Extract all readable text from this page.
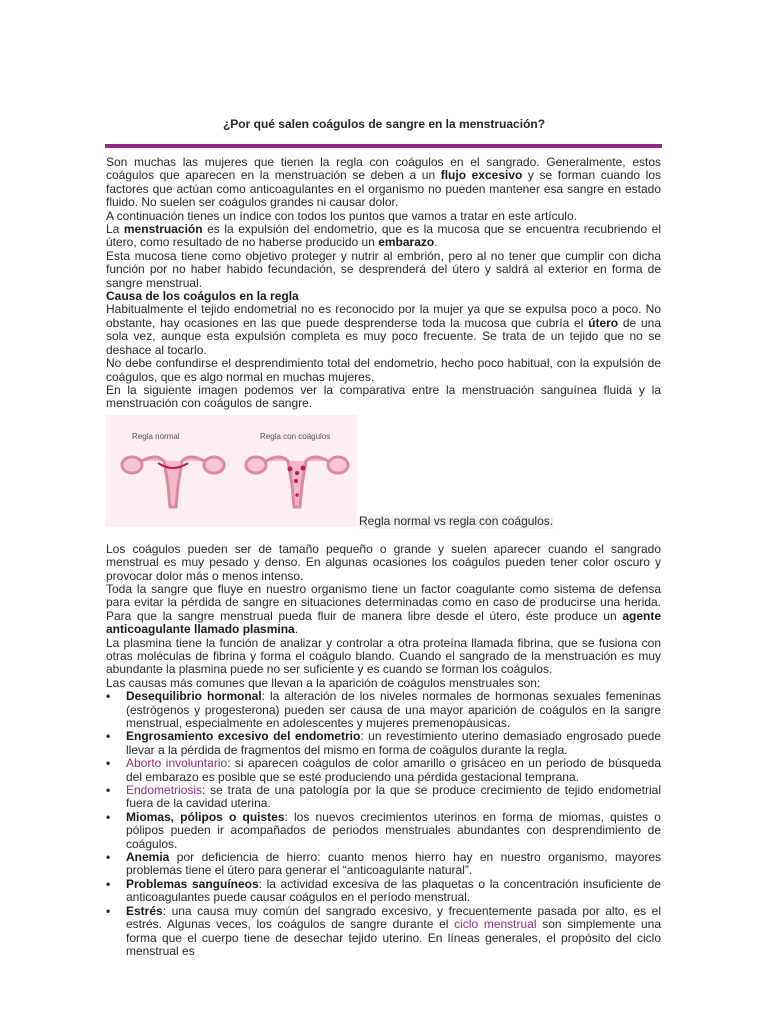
¿Por qué salen coágulos de sangre en la menstruación?

Son muchas las mujeres que tienen la regla con coágulos en el sangrado. Generalmente, estos coágulos que aparecen en la menstruación se deben a un flujo excesivo y se forman cuando los factores que actúan como anticoagulantes en el organismo no pueden mantener esa sangre en estado fluido. No suelen ser coágulos grandes ni causar dolor.

A continuación tienes un índice con todos los puntos que vamos a tratar en este artículo.

La menstruación es la expulsión del endometrio, que es la mucosa que se encuentra recubriendo el útero, como resultado de no haberse producido un embarazo.

Esta mucosa tiene como objetivo proteger y nutrir al embrión, pero al no tener que cumplir con dicha función por no haber habido fecundación, se desprenderá del útero y saldrá al exterior en forma de sangre menstrual.

Causa de los coágulos en la regla

Habitualmente el tejido endometrial no es reconocido por la mujer ya que se expulsa poco a poco. No obstante, hay ocasiones en las que puede desprenderse toda la mucosa que cubría el útero de una sola vez, aunque esta expulsión completa es muy poco frecuente. Se trata de un tejido que no se deshace al tocarlo.

No debe confundirse el desprendimiento total del endometrio, hecho poco habitual, con la expulsión de coágulos, que es algo normal en muchas mujeres.

En la siguiente imagen podemos ver la comparativa entre la menstruación sanguínea fluida y la menstruación con coágulos de sangre.

Regla normal	Regla con coágulos
Regla normal vs regla con coágulos.

Los coágulos pueden ser de tamaño pequeño o grande y suelen aparecer cuando el sangrado menstrual es muy pesado y denso. En algunas ocasiones los coágulos pueden tener color oscuro y provocar dolor más o menos intenso.

Toda la sangre que fluye en nuestro organismo tiene un factor coagulante como sistema de defensa para evitar la pérdida de sangre en situaciones determinadas como en caso de producirse una herida. Para que la sangre menstrual pueda fluir de manera libre desde el útero, éste produce un agente anticoagulante llamado plasmina.

La plasmina tiene la función de analizar y controlar a otra proteína llamada fibrina, que se fusiona con otras moléculas de fibrina y forma el coágulo blando. Cuando el sangrado de la menstruación es muy abundante la plasmina puede no ser suficiente y es cuando se forman los coágulos.

Las causas más comunes que llevan a la aparición de coágulos menstruales son:

• Desequilibrio hormonal: la alteración de los niveles normales de hormonas sexuales femeninas (estrógenos y progesterona) pueden ser causa de una mayor aparición de coágulos en la sangre menstrual, especialmente en adolescentes y mujeres premenopáusicas.
• Engrosamiento excesivo del endometrio: un revestimiento uterino demasiado engrosado puede llevar a la pérdida de fragmentos del mismo en forma de coágulos durante la regla.
• Aborto involuntario: si aparecen coágulos de color amarillo o grisáceo en un periodo de búsqueda del embarazo es posible que se esté produciendo una pérdida gestacional temprana.
• Endometriosis: se trata de una patología por la que se produce crecimiento de tejido endometrial fuera de la cavidad uterina.
• Miomas, pólipos o quistes: los nuevos crecimientos uterinos en forma de miomas, quistes o pólipos pueden ir acompañados de periodos menstruales abundantes con desprendimiento de coágulos.
• Anemia por deficiencia de hierro: cuanto menos hierro hay en nuestro organismo, mayores problemas tiene el útero para generar el “anticoagulante natural”.
• Problemas sanguíneos: la actividad excesiva de las plaquetas o la concentración insuficiente de anticoagulantes puede causar coágulos en el período menstrual.
• Estrés: una causa muy común del sangrado excesivo, y frecuentemente pasada por alto, es el estrés. Algunas veces, los coágulos de sangre durante el ciclo menstrual son simplemente una forma que el cuerpo tiene de desechar tejido uterino. En líneas generales, el propósito del ciclo menstrual es
